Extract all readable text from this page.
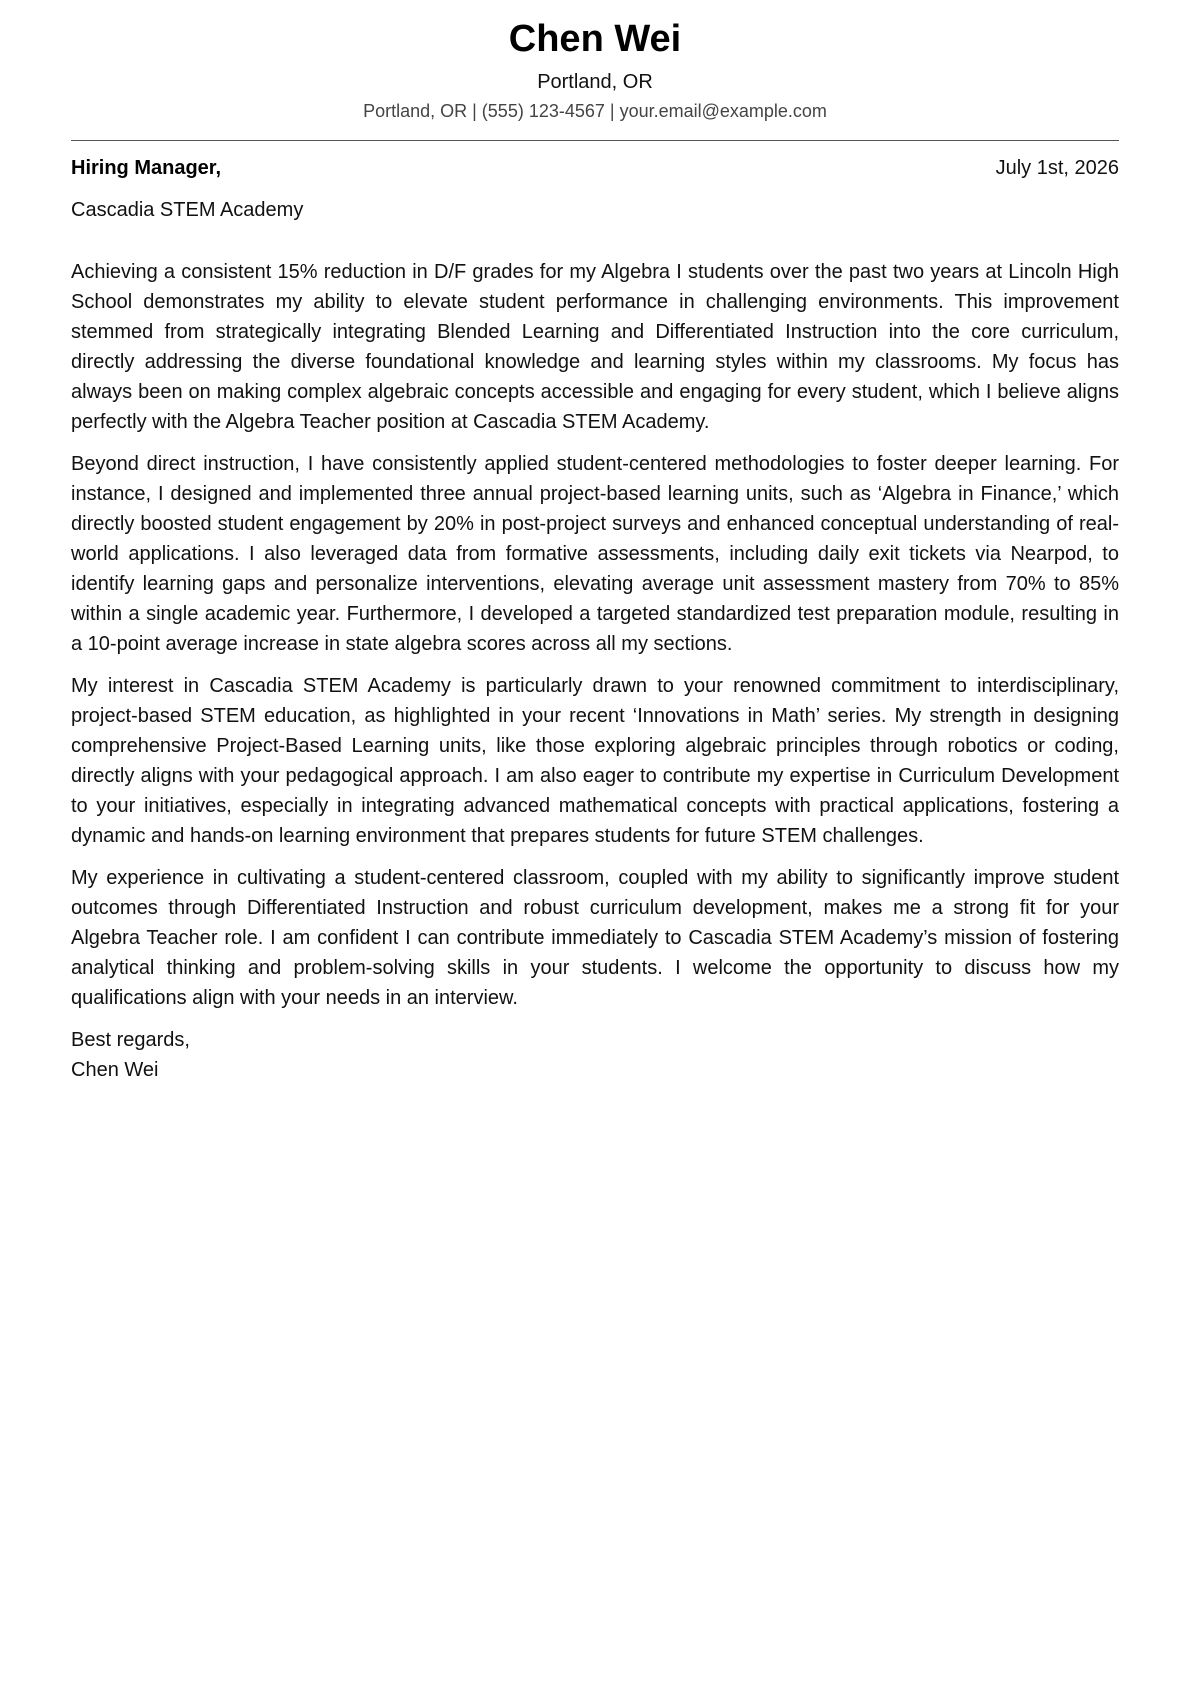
Chen Wei
Portland, OR
Portland, OR | (555) 123-4567 | your.email@example.com
Hiring Manager,	July 1st, 2026
Cascadia STEM Academy

Achieving a consistent 15% reduction in D/F grades for my Algebra I students over the past two years at Lincoln High School demonstrates my ability to elevate student performance in challenging environments. This improvement stemmed from strategically integrating Blended Learning and Differentiated Instruction into the core curriculum, directly addressing the diverse foundational knowledge and learning styles within my classrooms. My focus has always been on making complex algebraic concepts accessible and engaging for every student, which I believe aligns perfectly with the Algebra Teacher position at Cascadia STEM Academy.

Beyond direct instruction, I have consistently applied student-centered methodologies to foster deeper learning. For instance, I designed and implemented three annual project-based learning units, such as ‘Algebra in Finance,’ which directly boosted student engagement by 20% in post-project surveys and enhanced conceptual understanding of real-world applications. I also leveraged data from formative assessments, including daily exit tickets via Nearpod, to identify learning gaps and personalize interventions, elevating average unit assessment mastery from 70% to 85% within a single academic year. Furthermore, I developed a targeted standardized test preparation module, resulting in a 10-point average increase in state algebra scores across all my sections.

My interest in Cascadia STEM Academy is particularly drawn to your renowned commitment to interdisciplinary, project-based STEM education, as highlighted in your recent ‘Innovations in Math’ series. My strength in designing comprehensive Project-Based Learning units, like those exploring algebraic principles through robotics or coding, directly aligns with your pedagogical approach. I am also eager to contribute my expertise in Curriculum Development to your initiatives, especially in integrating advanced mathematical concepts with practical applications, fostering a dynamic and hands-on learning environment that prepares students for future STEM challenges.

My experience in cultivating a student-centered classroom, coupled with my ability to significantly improve student outcomes through Differentiated Instruction and robust curriculum development, makes me a strong fit for your Algebra Teacher role. I am confident I can contribute immediately to Cascadia STEM Academy’s mission of fostering analytical thinking and problem-solving skills in your students. I welcome the opportunity to discuss how my qualifications align with your needs in an interview.

Best regards,
Chen Wei
